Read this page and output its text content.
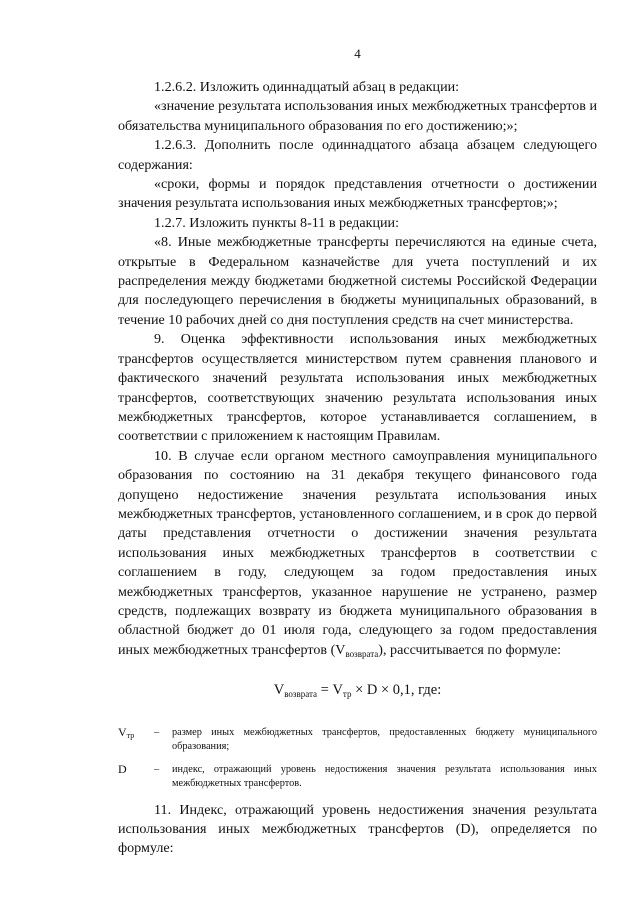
4

1.2.6.2. Изложить одиннадцатый абзац в редакции:

«значение результата использования иных межбюджетных трансфертов и обязательства муниципального образования по его достижению;»;

1.2.6.3. Дополнить после одиннадцатого абзаца абзацем следующего содержания:

«сроки, формы и порядок представления отчетности о достижении значения результата использования иных межбюджетных трансфертов;»;

1.2.7. Изложить пункты 8-11 в редакции:

«8. Иные межбюджетные трансферты перечисляются на единые счета, открытые в Федеральном казначействе для учета поступлений и их распределения между бюджетами бюджетной системы Российской Федерации для последующего перечисления в бюджеты муниципальных образований, в течение 10 рабочих дней со дня поступления средств на счет министерства.

9. Оценка эффективности использования иных межбюджетных трансфертов осуществляется министерством путем сравнения планового и фактического значений результата использования иных межбюджетных трансфертов, соответствующих значению результата использования иных межбюджетных трансфертов, которое устанавливается соглашением, в соответствии с приложением к настоящим Правилам.

10. В случае если органом местного самоуправления муниципального образования по состоянию на 31 декабря текущего финансового года допущено недостижение значения результата использования иных межбюджетных трансфертов, установленного соглашением, и в срок до первой даты представления отчетности о достижении значения результата использования иных межбюджетных трансфертов в соответствии с соглашением в году, следующем за годом предоставления иных межбюджетных трансфертов, указанное нарушение не устранено, размер средств, подлежащих возврату из бюджета муниципального образования в областной бюджет до 01 июля года, следующего за годом предоставления иных межбюджетных трансфертов $(V_{возврата})$, рассчитывается по формуле:

$V_{возврата} = V_{тр} \times D \times 0,1$, где:
$V_{тр}$	–	размер иных межбюджетных трансфертов, предоставленных бюджету муниципального образования;
D	–	индекс, отражающий уровень недостижения значения результата использования иных межбюджетных трансфертов.

11. Индекс, отражающий уровень недостижения значения результата использования иных межбюджетных трансфертов (D), определяется по формуле:
